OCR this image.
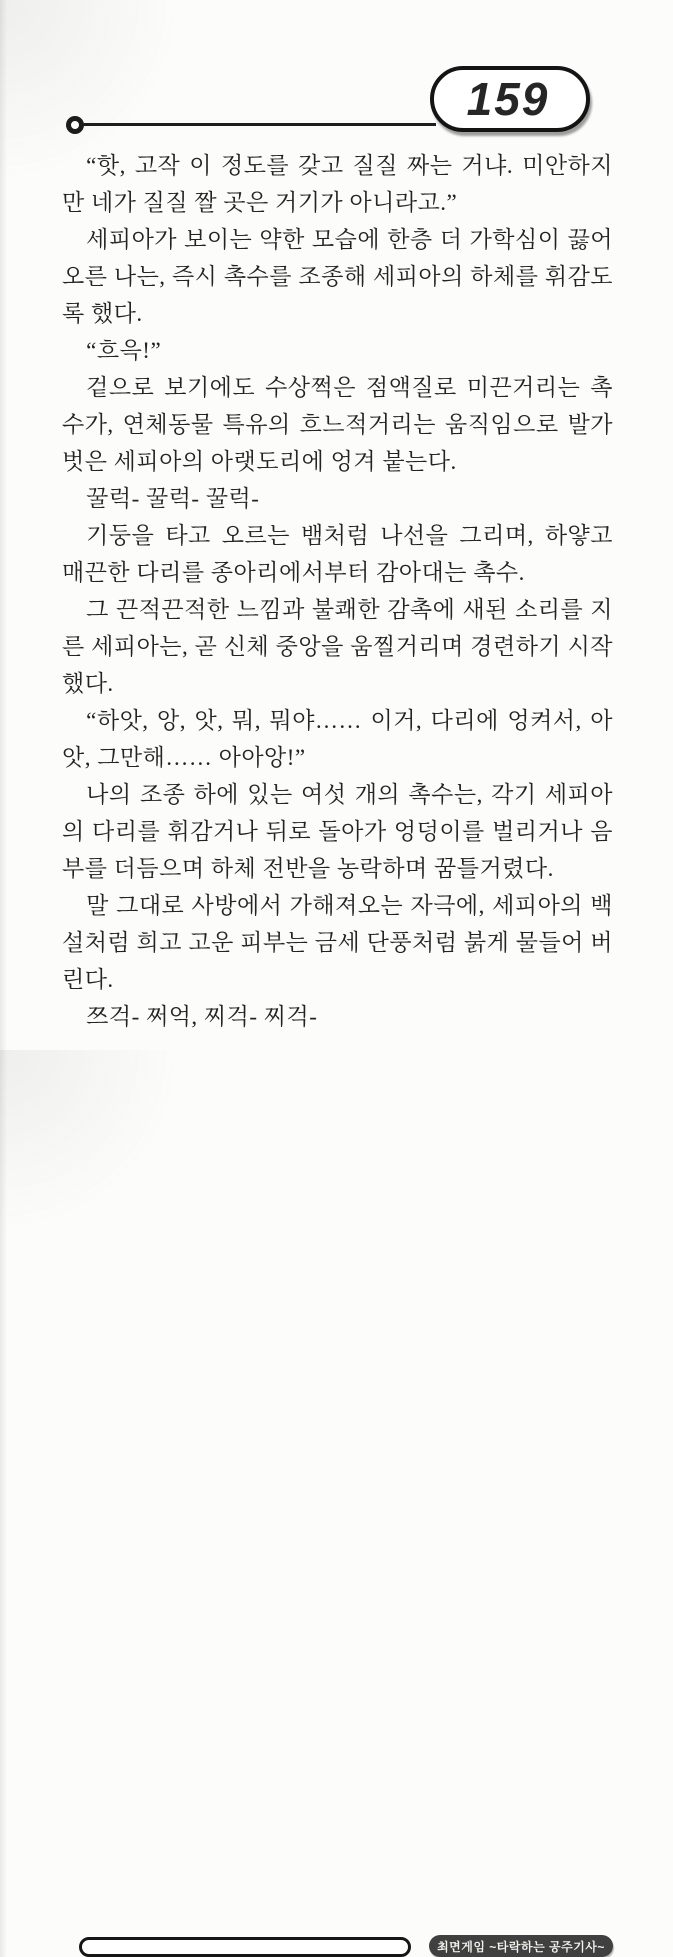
159

“핫, 고작 이 정도를 갖고 질질 짜는 거냐. 미안하지만 네가 질질 짤 곳은 거기가 아니라고.”

세피아가 보이는 약한 모습에 한층 더 가학심이 끓어오른 나는, 즉시 촉수를 조종해 세피아의 하체를 휘감도록 했다.

“흐윽!”

겉으로 보기에도 수상쩍은 점액질로 미끈거리는 촉수가, 연체동물 특유의 흐느적거리는 움직임으로 발가벗은 세피아의 아랫도리에 엉겨 붙는다.

꿀럭- 꿀럭- 꿀럭-

기둥을 타고 오르는 뱀처럼 나선을 그리며, 하얗고 매끈한 다리를 종아리에서부터 감아대는 촉수.

그 끈적끈적한 느낌과 불쾌한 감촉에 새된 소리를 지른 세피아는, 곧 신체 중앙을 움찔거리며 경련하기 시작했다.

“하앗, 앙, 앗, 뭐, 뭐야…… 이거, 다리에 엉켜서, 아앗, 그만해…… 아아앙!”

나의 조종 하에 있는 여섯 개의 촉수는, 각기 세피아의 다리를 휘감거나 뒤로 돌아가 엉덩이를 벌리거나 음부를 더듬으며 하체 전반을 농락하며 꿈틀거렸다.

말 그대로 사방에서 가해져오는 자극에, 세피아의 백설처럼 희고 고운 피부는 금세 단풍처럼 붉게 물들어 버린다.

쯔걱- 쩌억, 찌걱- 찌걱-

최면게임 ~타락하는 공주기사~
